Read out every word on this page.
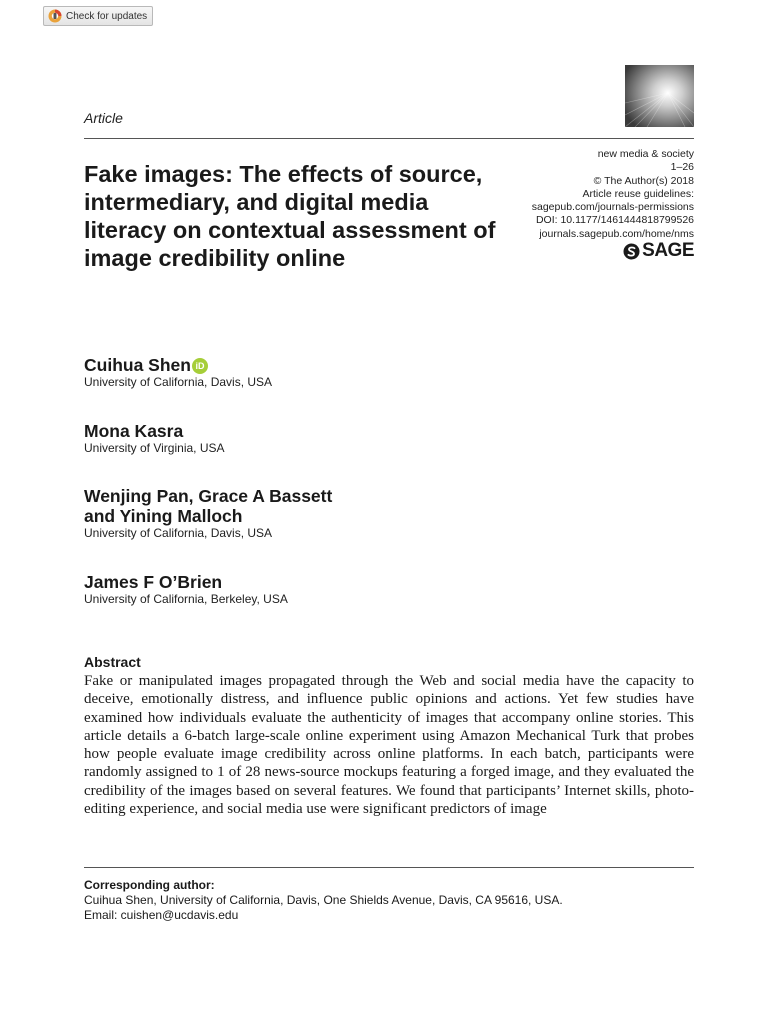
Check for updates
Article
new media & society
1–26
© The Author(s) 2018
Article reuse guidelines:
sagepub.com/journals-permissions
DOI: 10.1177/1461444818799526
journals.sagepub.com/home/nms
SAGE
Fake images: The effects of source, intermediary, and digital media literacy on contextual assessment of image credibility online
Cuihua Shen iD
University of California, Davis, USA
Mona Kasra
University of Virginia, USA
Wenjing Pan, Grace A Bassett
and Yining Malloch
University of California, Davis, USA
James F O’Brien
University of California, Berkeley, USA
Abstract

Fake or manipulated images propagated through the Web and social media have the capacity to deceive, emotionally distress, and influence public opinions and actions. Yet few studies have examined how individuals evaluate the authenticity of images that accompany online stories. This article details a 6-batch large-scale online experiment using Amazon Mechanical Turk that probes how people evaluate image credibility across online platforms. In each batch, participants were randomly assigned to 1 of 28 news-source mockups featuring a forged image, and they evaluated the credibility of the images based on several features. We found that participants’ Internet skills, photo-editing experience, and social media use were significant predictors of image

Corresponding author:
Cuihua Shen, University of California, Davis, One Shields Avenue, Davis, CA 95616, USA.
Email: cuishen@ucdavis.edu
